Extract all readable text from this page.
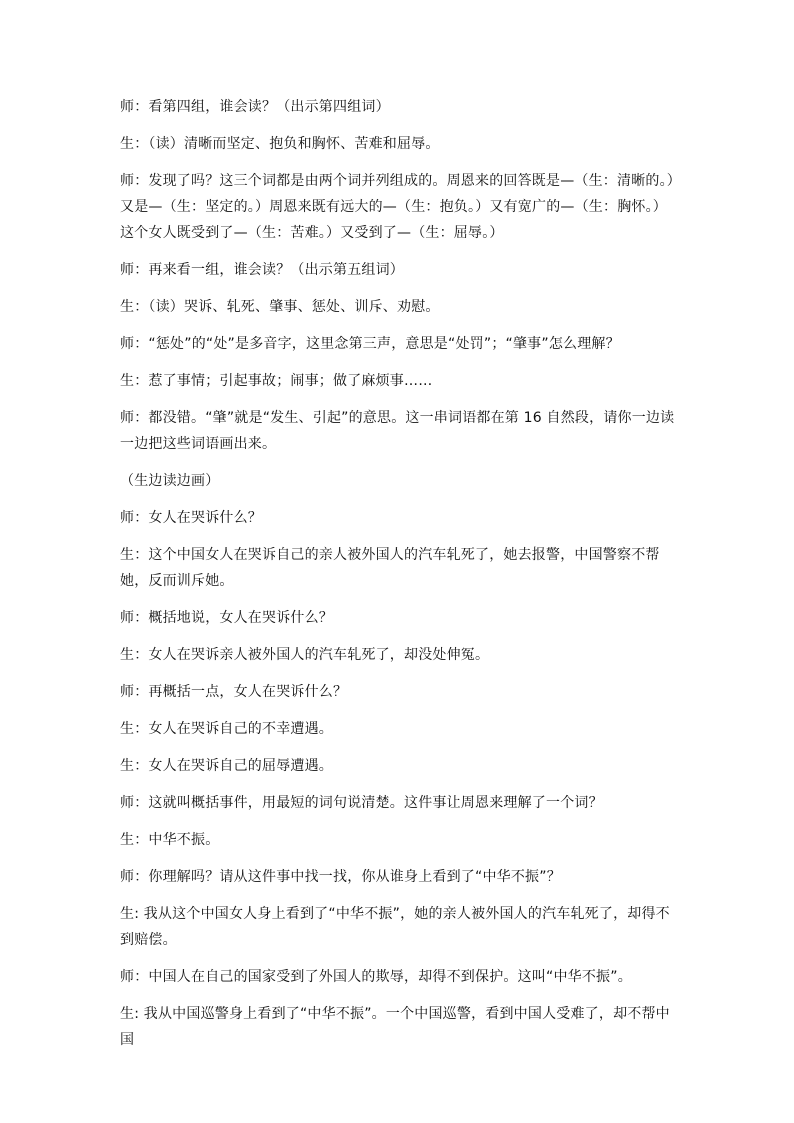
师：看第四组，谁会读？（出示第四组词）

生：（读）清晰而坚定、抱负和胸怀、苦难和屈辱。

师：发现了吗？这三个词都是由两个词并列组成的。周恩来的回答既是—（生：清晰的。）又是—（生：坚定的。）周恩来既有远大的—（生：抱负。）又有宽广的—（生：胸怀。）这个女人既受到了—（生：苦难。）又受到了—（生：屈辱。）

师：再来看一组，谁会读？（出示第五组词）

生：（读）哭诉、轧死、肇事、惩处、训斥、劝慰。

师：“惩处”的“处”是多音字，这里念第三声，意思是“处罚”；“肇事”怎么理解？

生：惹了事情；引起事故；闹事；做了麻烦事……

师：都没错。“肇”就是“发生、引起”的意思。这一串词语都在第 16 自然段，请你一边读一边把这些词语画出来。

（生边读边画）

师：女人在哭诉什么？

生：这个中国女人在哭诉自己的亲人被外国人的汽车轧死了，她去报警，中国警察不帮她，反而训斥她。

师：概括地说，女人在哭诉什么？

生：女人在哭诉亲人被外国人的汽车轧死了，却没处伸冤。

师：再概括一点，女人在哭诉什么？

生：女人在哭诉自己的不幸遭遇。

生：女人在哭诉自己的屈辱遭遇。

师：这就叫概括事件，用最短的词句说清楚。这件事让周恩来理解了一个词？

生：中华不振。

师：你理解吗？请从这件事中找一找，你从谁身上看到了“中华不振”？

生: 我从这个中国女人身上看到了“中华不振”，她的亲人被外国人的汽车轧死了，却得不到赔偿。

师：中国人在自己的国家受到了外国人的欺辱，却得不到保护。这叫“中华不振”。

生: 我从中国巡警身上看到了“中华不振”。一个中国巡警，看到中国人受难了，却不帮中国
